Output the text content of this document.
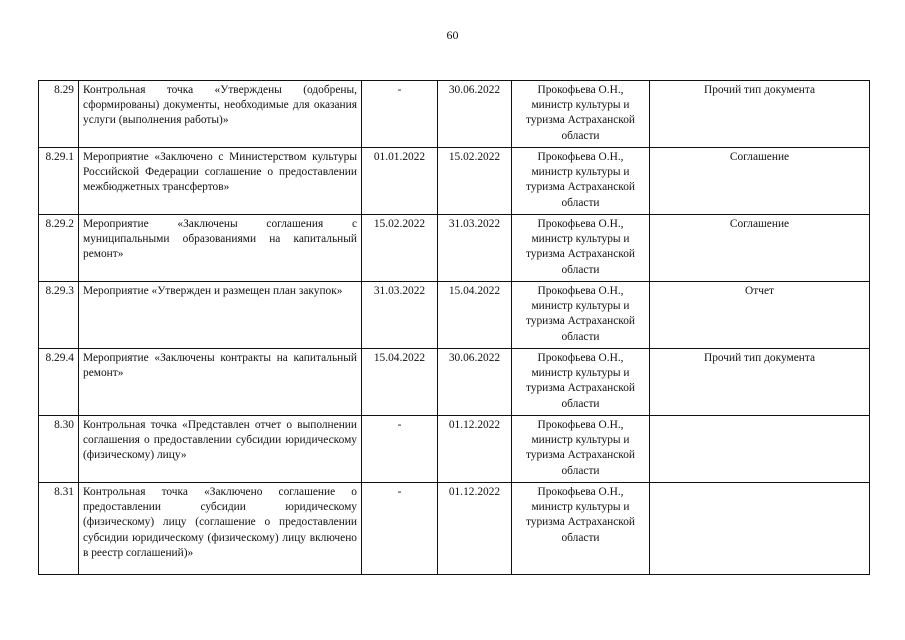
60
8.29	Контрольная точка «Утверждены (одобрены, сформированы) документы, необходимые для оказания услуги (выполнения работы)»	-	30.06.2022	Прокофьева О.Н., министр культуры и туризма Астраханской области	Прочий тип документа
8.29.1	Мероприятие «Заключено с Министерством культуры Российской Федерации соглашение о предоставлении межбюджетных трансфертов»	01.01.2022	15.02.2022	Прокофьева О.Н., министр культуры и туризма Астраханской области	Соглашение
8.29.2	Мероприятие «Заключены соглашения с муниципальными образованиями на капитальный ремонт»	15.02.2022	31.03.2022	Прокофьева О.Н., министр культуры и туризма Астраханской области	Соглашение
8.29.3	Мероприятие «Утвержден и размещен план закупок»	31.03.2022	15.04.2022	Прокофьева О.Н., министр культуры и туризма Астраханской области	Отчет
8.29.4	Мероприятие «Заключены контракты на капитальный ремонт»	15.04.2022	30.06.2022	Прокофьева О.Н., министр культуры и туризма Астраханской области	Прочий тип документа
8.30	Контрольная точка «Представлен отчет о выполнении соглашения о предоставлении субсидии юридическому (физическому) лицу»	-	01.12.2022	Прокофьева О.Н., министр культуры и туризма Астраханской области	
8.31	Контрольная точка «Заключено соглашение о предоставлении субсидии юридическому (физическому) лицу (соглашение о предоставлении субсидии юридическому (физическому) лицу включено в реестр соглашений)»	-	01.12.2022	Прокофьева О.Н., министр культуры и туризма Астраханской области	
